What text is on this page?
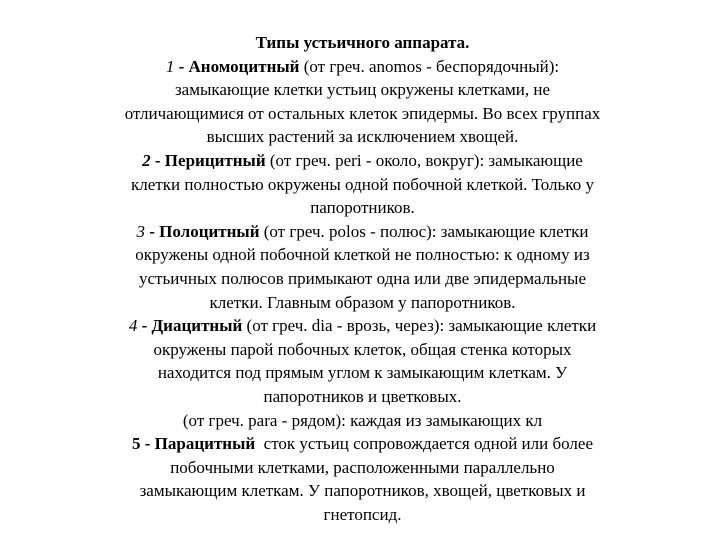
Типы устьичного аппарата.
1 - Аномоцитный (от греч. anomos - беспорядочный):
замыкающие клетки устьиц окружены клетками, не
отличающимися от остальных клеток эпидермы. Во всех группах
высших растений за исключением хвощей.
2 - Перицитный (от греч. peri - около, вокруг): замыкающие
клетки полностью окружены одной побочной клеткой. Только у
папоротников.
3 - Полоцитный (от греч. polos - полюс): замыкающие клетки
окружены одной побочной клеткой не полностью: к одному из
устьичных полюсов примыкают одна или две эпидермальные
клетки. Главным образом у папоротников.
4 - Диацитный (от греч. dia - врозь, через): замыкающие клетки
окружены парой побочных клеток, общая стенка которых
находится под прямым углом к замыкающим клеткам. У
папоротников и цветковых.
(от греч. para - рядом): каждая из замыкающих кл
5 - Парацитный  сток устьиц сопровождается одной или более
побочными клетками, расположенными параллельно
замыкающим клеткам. У папоротников, хвощей, цветковых и
гнетопсид.
